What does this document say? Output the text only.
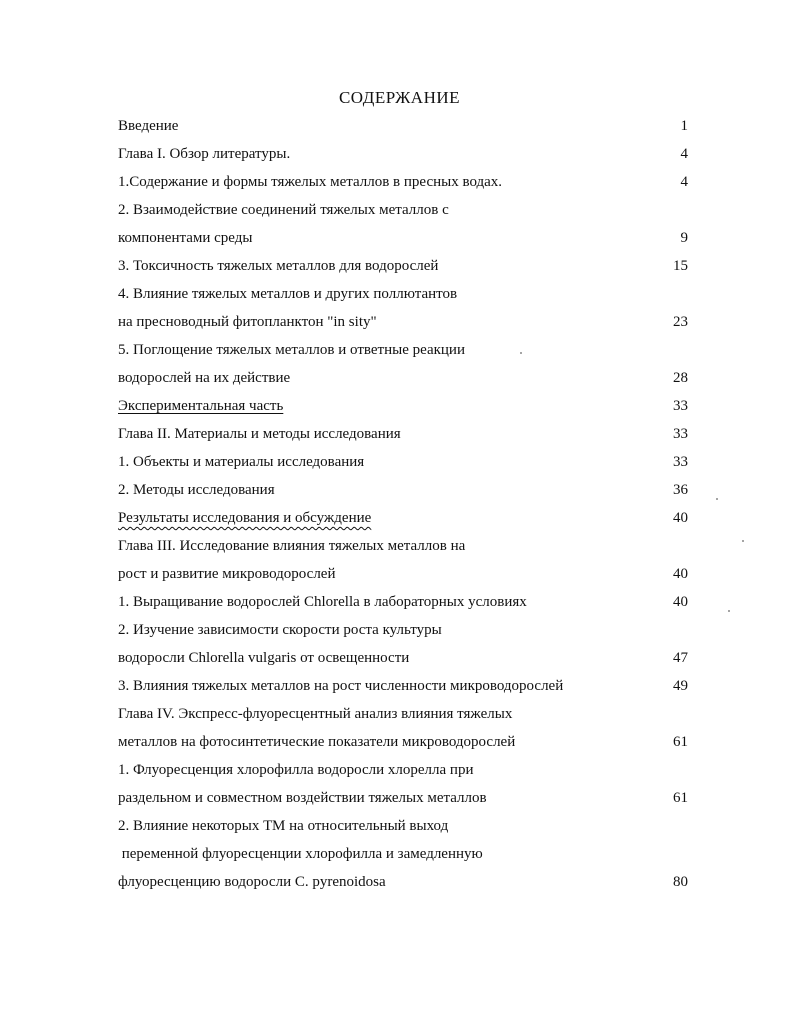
СОДЕРЖАНИЕ
Введение	1
Глава I. Обзор литературы.	4
1.Содержание и формы тяжелых металлов в пресных водах.	4
2. Взаимодействие соединений тяжелых металлов с
компонентами среды	9
3. Токсичность тяжелых металлов для водорослей	15
4. Влияние тяжелых металлов и других поллютантов
на пресноводный фитопланктон "in sity"	23
5. Поглощение тяжелых металлов и ответные реакции
водорослей на их действие	28
Экспериментальная часть	33
Глава II. Материалы и методы исследования	33
1. Объекты и материалы исследования	33
2. Методы исследования	36
Результаты исследования и обсуждение	40
Глава III. Исследование влияния тяжелых металлов на
рост и развитие микроводорослей	40
1. Выращивание водорослей Chlorella в лабораторных условиях	40
2. Изучение зависимости скорости роста культуры
водоросли Chlorella vulgaris от освещенности	47
3. Влияния тяжелых металлов на рост численности микроводорослей	49
Глава IV. Экспресс-флуоресцентный анализ влияния тяжелых
металлов на фотосинтетические показатели микроводорослей	61
1. Флуоресценция хлорофилла водоросли хлорелла при
раздельном и совместном воздействии тяжелых металлов	61
2. Влияние некоторых ТМ на относительный выход
переменной флуоресценции хлорофилла и замедленную
флуоресценцию водоросли C. pyrenoidosa	80
